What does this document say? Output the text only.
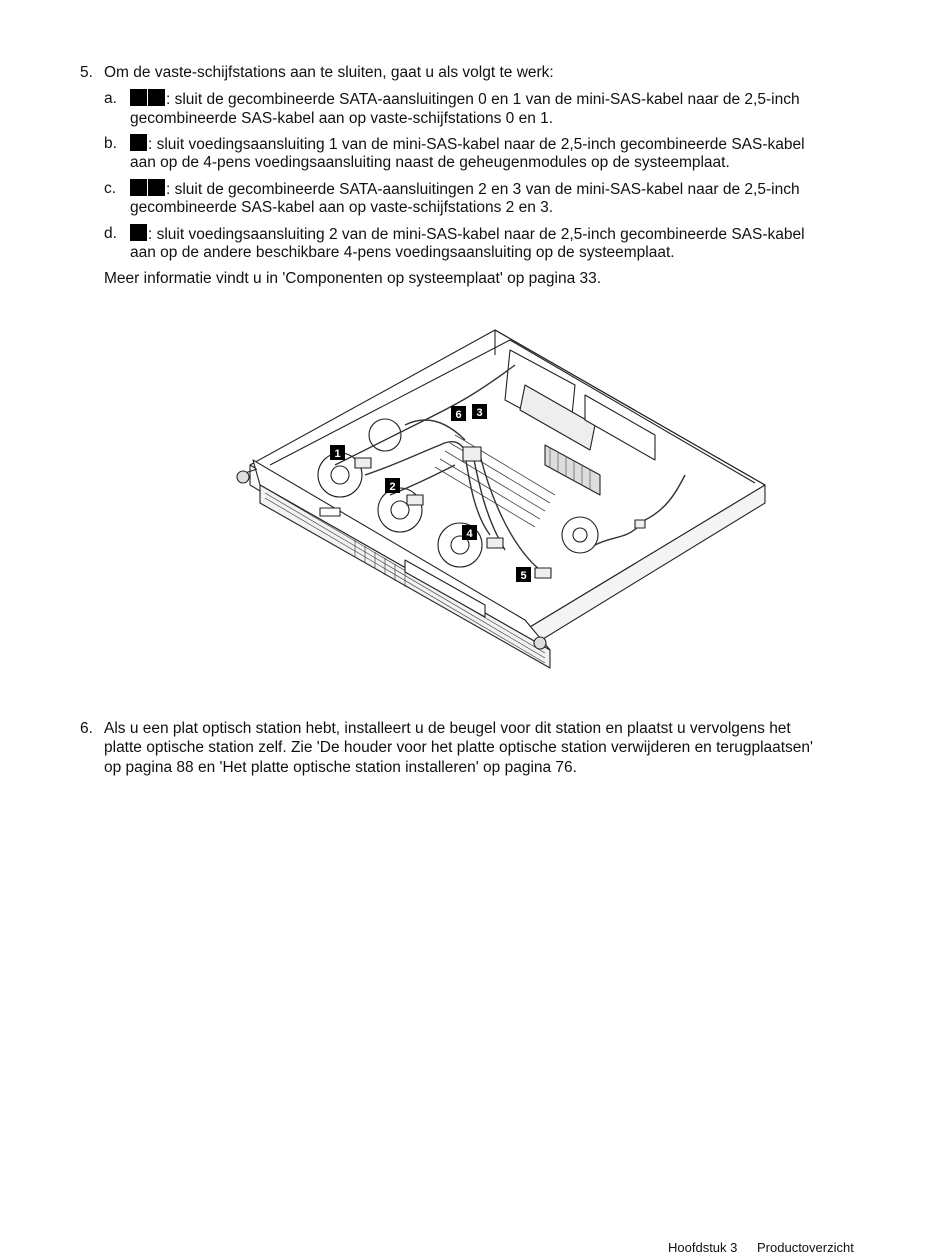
5. Om de vaste-schijfstations aan te sluiten, gaat u als volgt te werk:
a.	: sluit de gecombineerde SATA-aansluitingen 0 en 1 van de mini-SAS-kabel naar de 2,5-inch
gecombineerde SAS-kabel aan op vaste-schijfstations 0 en 1.
b.	: sluit voedingsaansluiting 1 van de mini-SAS-kabel naar de 2,5-inch gecombineerde SAS-kabel
aan op de 4-pens voedingsaansluiting naast de geheugenmodules op de systeemplaat.
c.	: sluit de gecombineerde SATA-aansluitingen 2 en 3 van de mini-SAS-kabel naar de 2,5-inch
gecombineerde SAS-kabel aan op vaste-schijfstations 2 en 3.
d.	: sluit voedingsaansluiting 2 van de mini-SAS-kabel naar de 2,5-inch gecombineerde SAS-kabel
aan op de andere beschikbare 4-pens voedingsaansluiting op de systeemplaat.
Meer informatie vindt u in 'Componenten op systeemplaat' op pagina 33.
1
2
3
4
5
6
6. Als u een plat optisch station hebt, installeert u de beugel voor dit station en plaatst u vervolgens het
platte optische station zelf. Zie 'De houder voor het platte optische station verwijderen en terugplaatsen'
op pagina 88 en 'Het platte optische station installeren' op pagina 76.
Hoofdstuk 3 Productoverzicht
